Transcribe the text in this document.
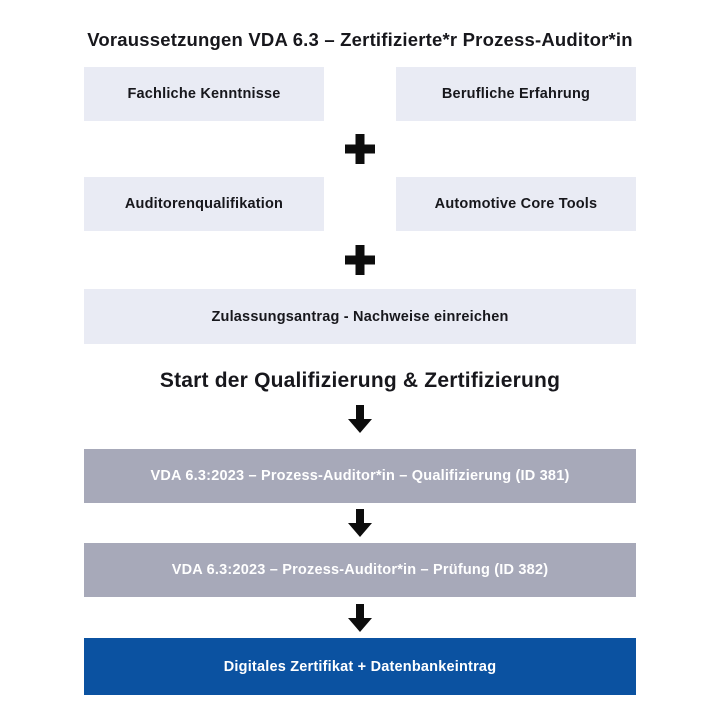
Voraussetzungen VDA 6.3 – Zertifizierte*r Prozess-Auditor*in
Fachliche Kenntnisse	Berufliche Erfahrung
Auditorenqualifikation	Automotive Core Tools
Zulassungsantrag - Nachweise einreichen
Start der Qualifizierung & Zertifizierung
VDA 6.3:2023 – Prozess-Auditor*in – Qualifizierung (ID 381)
VDA 6.3:2023 – Prozess-Auditor*in – Prüfung (ID 382)
Digitales Zertifikat + Datenbankeintrag
